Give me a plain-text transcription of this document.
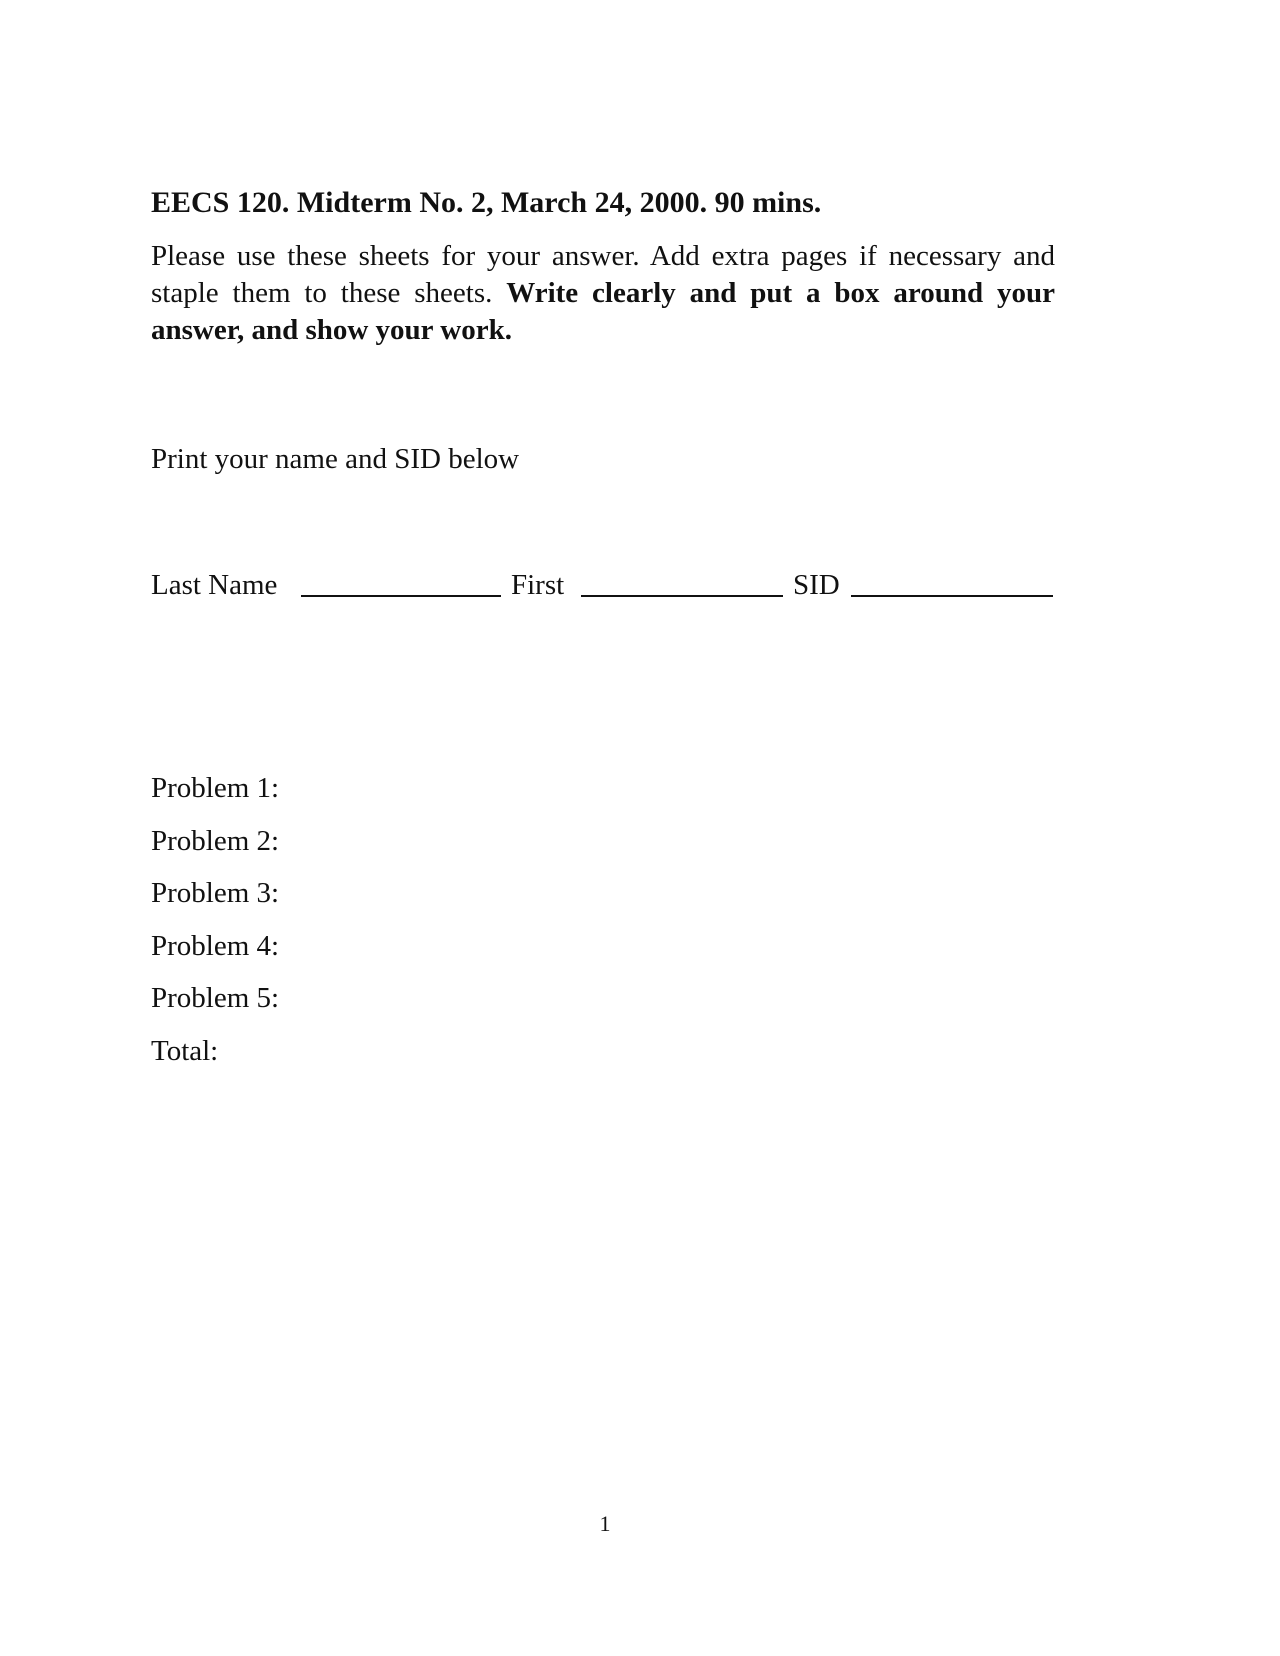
EECS 120. Midterm No. 2, March 24, 2000. 90 mins.
Please use these sheets for your answer. Add extra pages if necessary and staple them to these sheets. Write clearly and put a box around your answer, and show your work.
Print your name and SID below
Last Name	First	SID
Problem 1:
Problem 2:
Problem 3:
Problem 4:
Problem 5:
Total:
1
